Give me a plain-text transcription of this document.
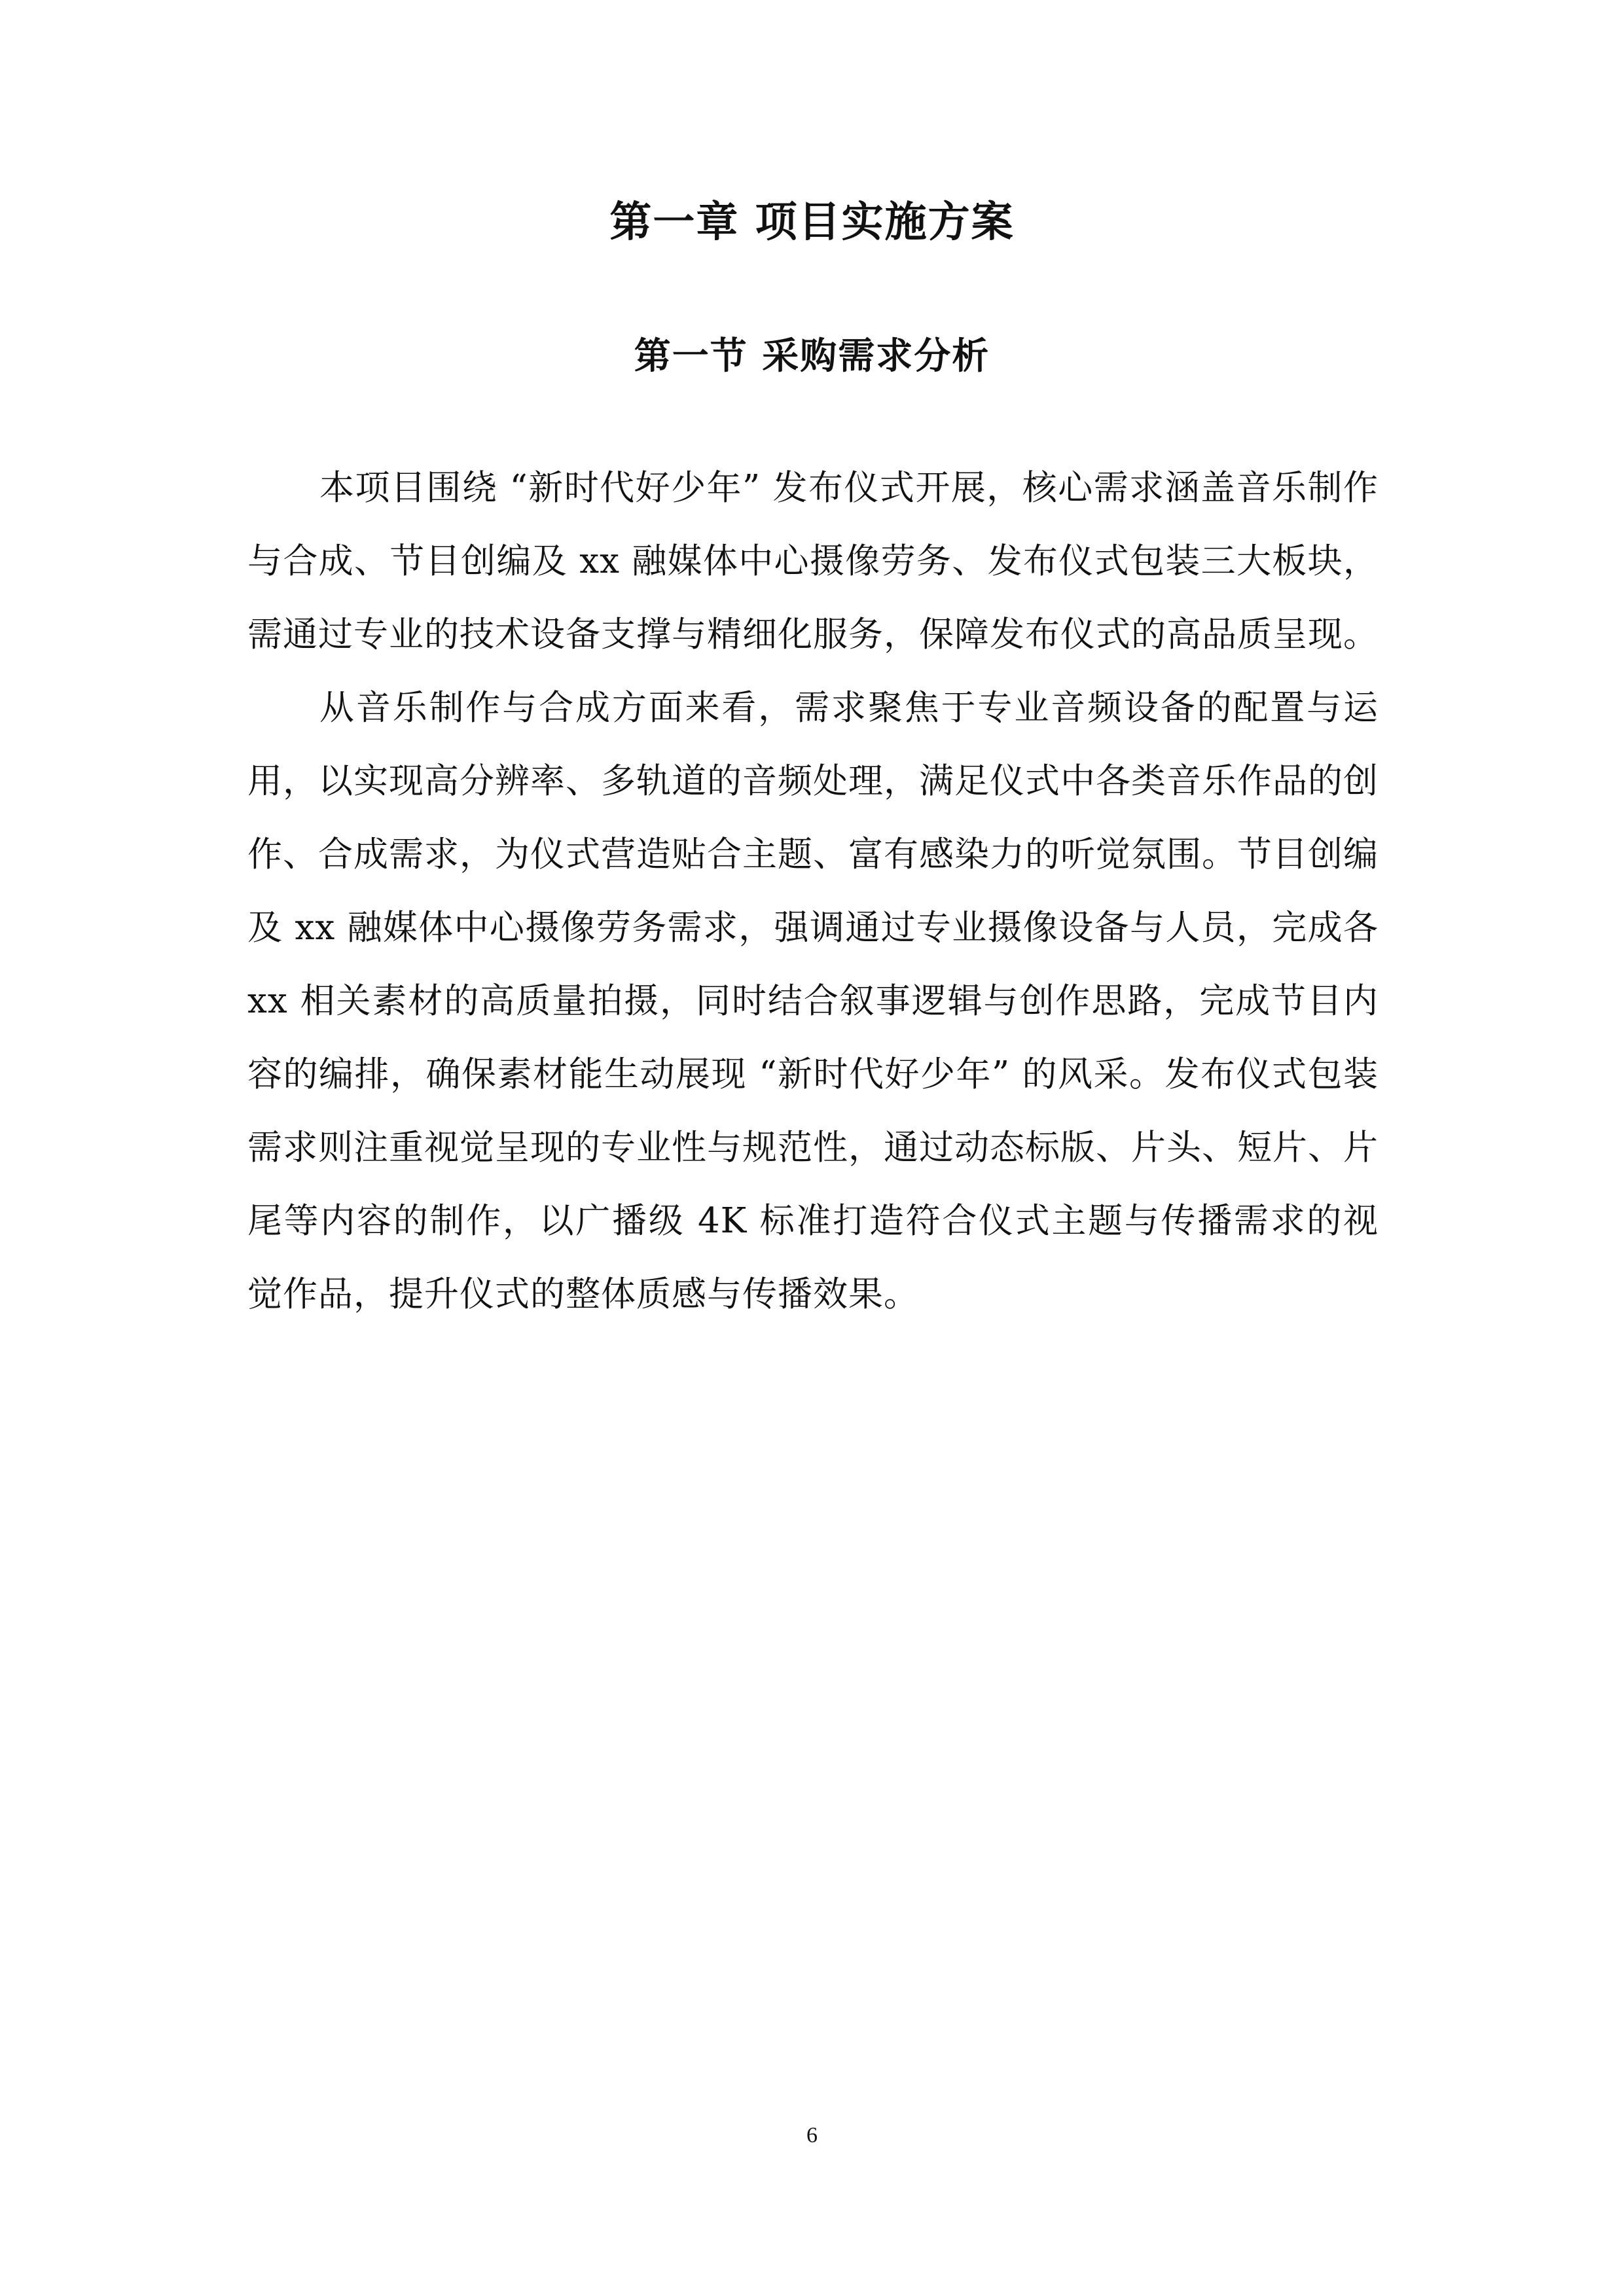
第一章 项目实施方案
第一节 采购需求分析

本项目围绕 “新时代好少年” 发布仪式开展，核心需求涵盖音乐制作与合成、节目创编及 xx 融媒体中心摄像劳务、发布仪式包装三大板块，需通过专业的技术设备支撑与精细化服务，保障发布仪式的高品质呈现。

从音乐制作与合成方面来看，需求聚焦于专业音频设备的配置与运用，以实现高分辨率、多轨道的音频处理，满足仪式中各类音乐作品的创作、合成需求，为仪式营造贴合主题、富有感染力的听觉氛围。节目创编及 xx 融媒体中心摄像劳务需求，强调通过专业摄像设备与人员，完成各 xx 相关素材的高质量拍摄，同时结合叙事逻辑与创作思路，完成节目内容的编排，确保素材能生动展现 “新时代好少年” 的风采。发布仪式包装需求则注重视觉呈现的专业性与规范性，通过动态标版、片头、短片、片尾等内容的制作，以广播级 4K 标准打造符合仪式主题与传播需求的视觉作品，提升仪式的整体质感与传播效果。

6
